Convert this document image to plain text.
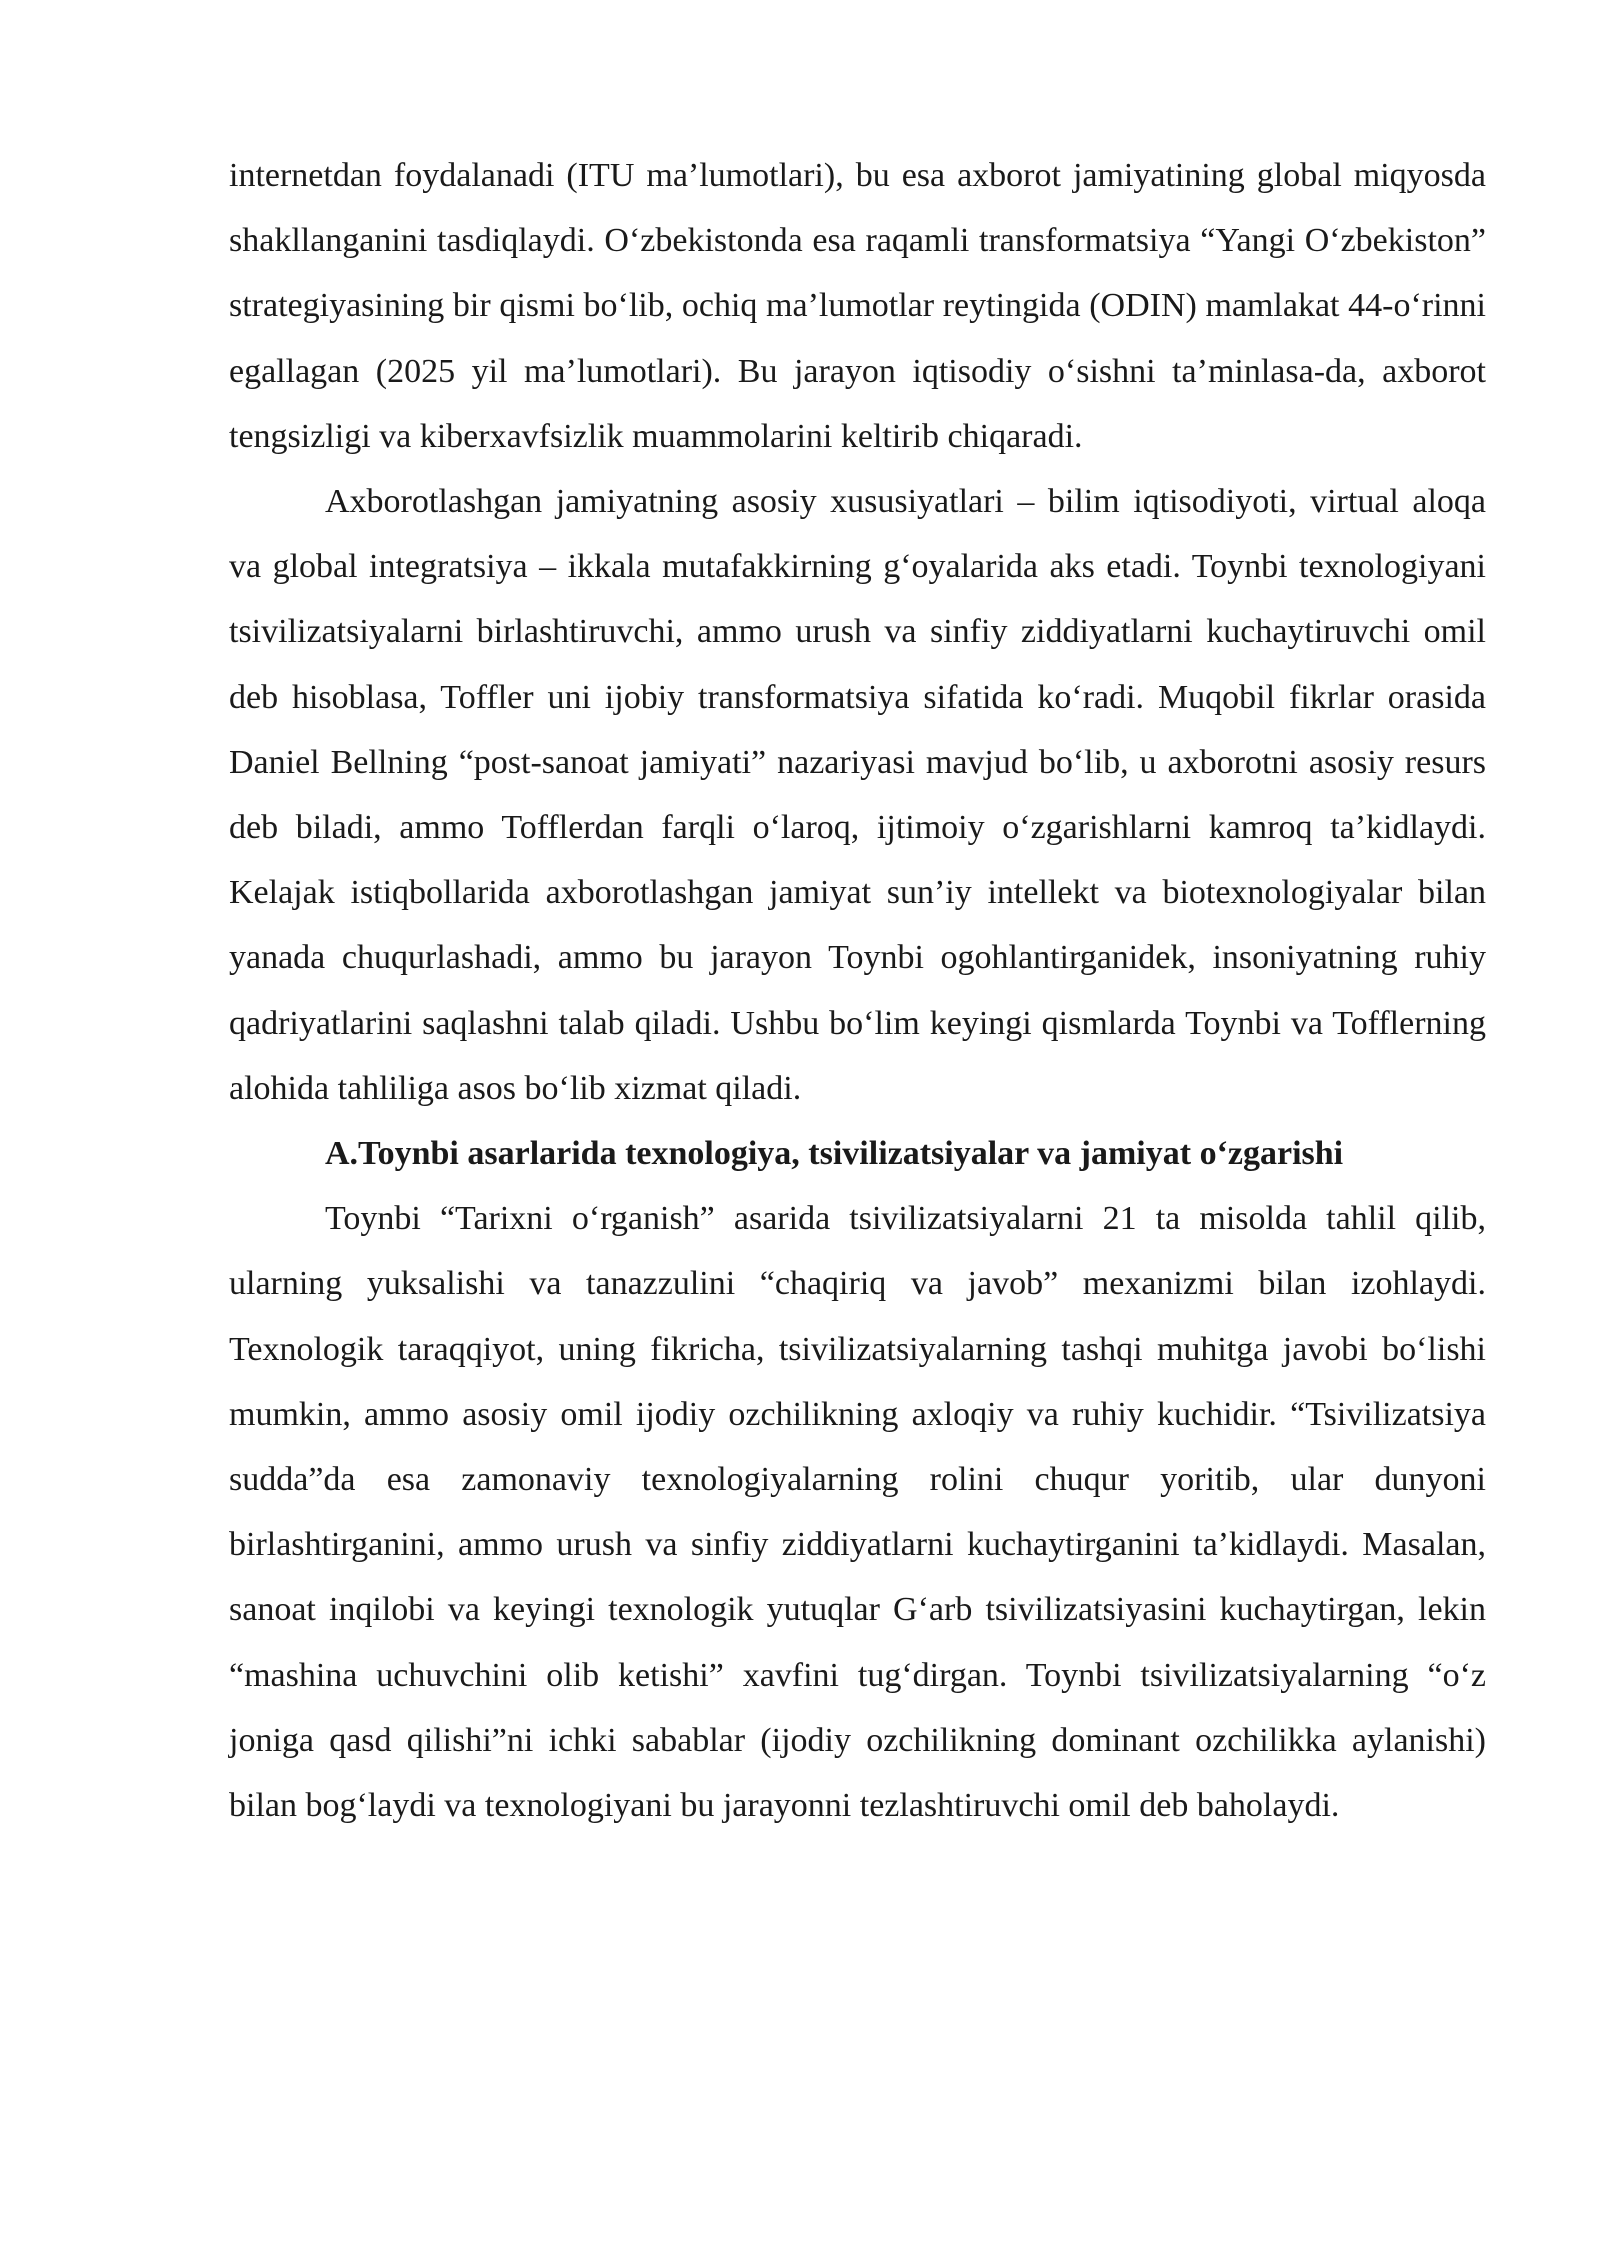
internetdan foydalanadi (ITU ma’lumotlari), bu esa axborot jamiyatining global miqyosda shakllanganini tasdiqlaydi. O‘zbekistonda esa raqamli transformatsiya “Yangi O‘zbekiston” strategiyasining bir qismi bo‘lib, ochiq ma’lumotlar reytingida (ODIN) mamlakat 44-o‘rinni egallagan (2025 yil ma’lumotlari). Bu jarayon iqtisodiy o‘sishni ta’minlasa-da, axborot tengsizligi va kiberxavfsizlik muammolarini keltirib chiqaradi.

Axborotlashgan jamiyatning asosiy xususiyatlari – bilim iqtisodiyoti, virtual aloqa va global integratsiya – ikkala mutafakkirning g‘oyalarida aks etadi. Toynbi texnologiyani tsivilizatsiyalarni birlashtiruvchi, ammo urush va sinfiy ziddiyatlarni kuchaytiruvchi omil deb hisoblasa, Toffler uni ijobiy transformatsiya sifatida ko‘radi. Muqobil fikrlar orasida Daniel Bellning “post-sanoat jamiyati” nazariyasi mavjud bo‘lib, u axborotni asosiy resurs deb biladi, ammo Tofflerdan farqli o‘laroq, ijtimoiy o‘zgarishlarni kamroq ta’kidlaydi. Kelajak istiqbollarida axborotlashgan jamiyat sun’iy intellekt va biotexnologiyalar bilan yanada chuqurlashadi, ammo bu jarayon Toynbi ogohlantirganidek, insoniyatning ruhiy qadriyatlarini saqlashni talab qiladi. Ushbu bo‘lim keyingi qismlarda Toynbi va Tofflerning alohida tahliliga asos bo‘lib xizmat qiladi.

A.Toynbi asarlarida texnologiya, tsivilizatsiyalar va jamiyat o‘zgarishi

Toynbi “Tarixni o‘rganish” asarida tsivilizatsiyalarni 21 ta misolda tahlil qilib, ularning yuksalishi va tanazzulini “chaqiriq va javob” mexanizmi bilan izohlaydi. Texnologik taraqqiyot, uning fikricha, tsivilizatsiyalarning tashqi muhitga javobi bo‘lishi mumkin, ammo asosiy omil ijodiy ozchilikning axloqiy va ruhiy kuchidir. “Tsivilizatsiya sudda”da esa zamonaviy texnologiyalarning rolini chuqur yoritib, ular dunyoni birlashtirganini, ammo urush va sinfiy ziddiyatlarni kuchaytirganini ta’kidlaydi. Masalan, sanoat inqilobi va keyingi texnologik yutuqlar G‘arb tsivilizatsiyasini kuchaytirgan, lekin “mashina uchuvchini olib ketishi” xavfini tug‘dirgan. Toynbi tsivilizatsiyalarning “o‘z joniga qasd qilishi”ni ichki sabablar (ijodiy ozchilikning dominant ozchilikka aylanishi) bilan bog‘laydi va texnologiyani bu jarayonni tezlashtiruvchi omil deb baholaydi.
